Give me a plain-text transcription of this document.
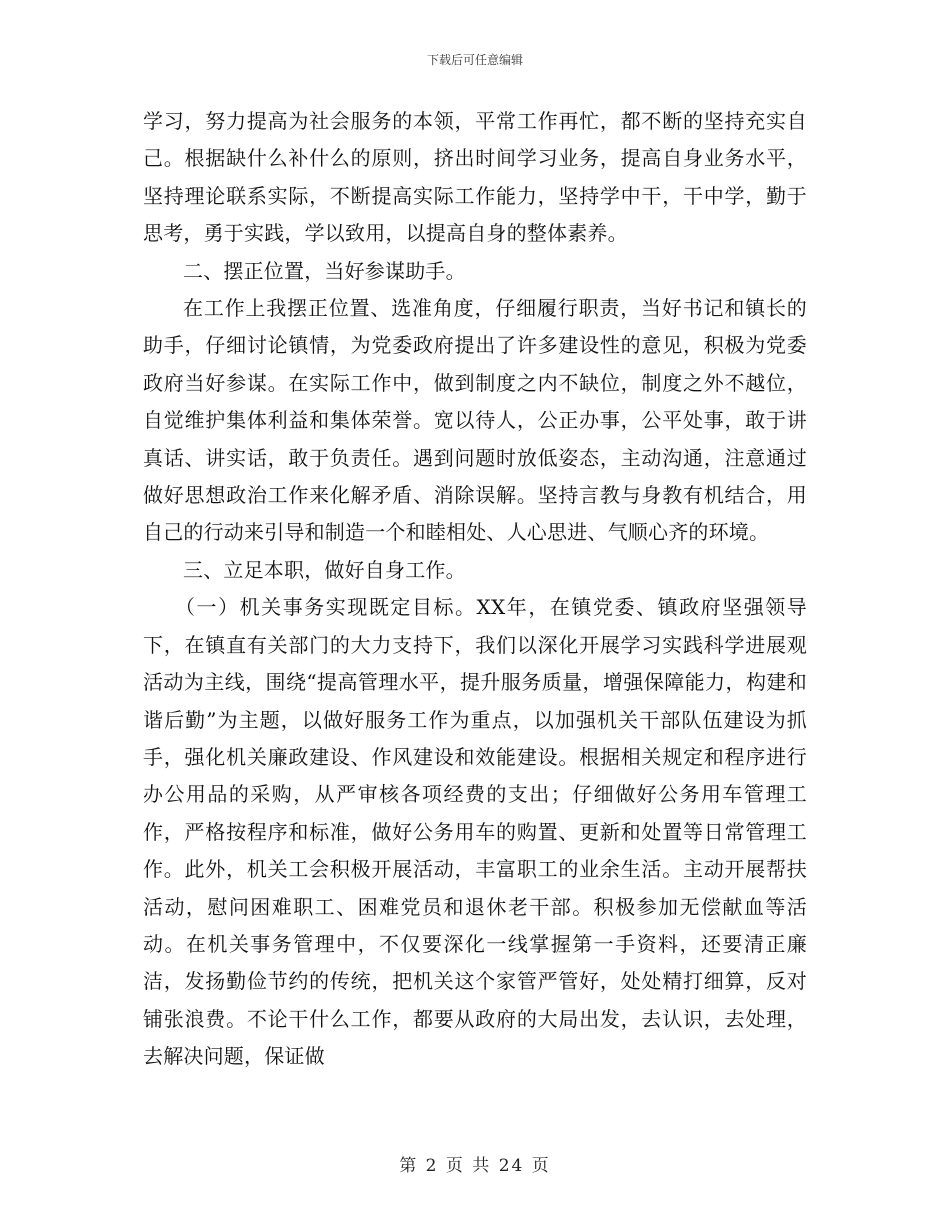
下载后可任意编辑

学习，努力提高为社会服务的本领，平常工作再忙，都不断的坚持充实自己。根据缺什么补什么的原则，挤出时间学习业务，提高自身业务水平，坚持理论联系实际，不断提高实际工作能力，坚持学中干，干中学，勤于思考，勇于实践，学以致用，以提高自身的整体素养。

二、摆正位置，当好参谋助手。

在工作上我摆正位置、选准角度，仔细履行职责，当好书记和镇长的助手，仔细讨论镇情，为党委政府提出了许多建设性的意见，积极为党委政府当好参谋。在实际工作中，做到制度之内不缺位，制度之外不越位，自觉维护集体利益和集体荣誉。宽以待人，公正办事，公平处事，敢于讲真话、讲实话，敢于负责任。遇到问题时放低姿态，主动沟通，注意通过做好思想政治工作来化解矛盾、消除误解。坚持言教与身教有机结合，用自己的行动来引导和制造一个和睦相处、人心思进、气顺心齐的环境。

三、立足本职，做好自身工作。

（一）机关事务实现既定目标。XX年，在镇党委、镇政府坚强领导下，在镇直有关部门的大力支持下，我们以深化开展学习实践科学进展观活动为主线，围绕“提高管理水平，提升服务质量，增强保障能力，构建和谐后勤”为主题，以做好服务工作为重点，以加强机关干部队伍建设为抓手，强化机关廉政建设、作风建设和效能建设。根据相关规定和程序进行办公用品的采购，从严审核各项经费的支出；仔细做好公务用车管理工作，严格按程序和标准，做好公务用车的购置、更新和处置等日常管理工作。此外，机关工会积极开展活动，丰富职工的业余生活。主动开展帮扶活动，慰问困难职工、困难党员和退休老干部。积极参加无偿献血等活动。在机关事务管理中，不仅要深化一线掌握第一手资料，还要清正廉洁，发扬勤俭节约的传统，把机关这个家管严管好，处处精打细算，反对铺张浪费。不论干什么工作，都要从政府的大局出发，去认识，去处理，去解决问题，保证做

第 2 页 共 24 页
